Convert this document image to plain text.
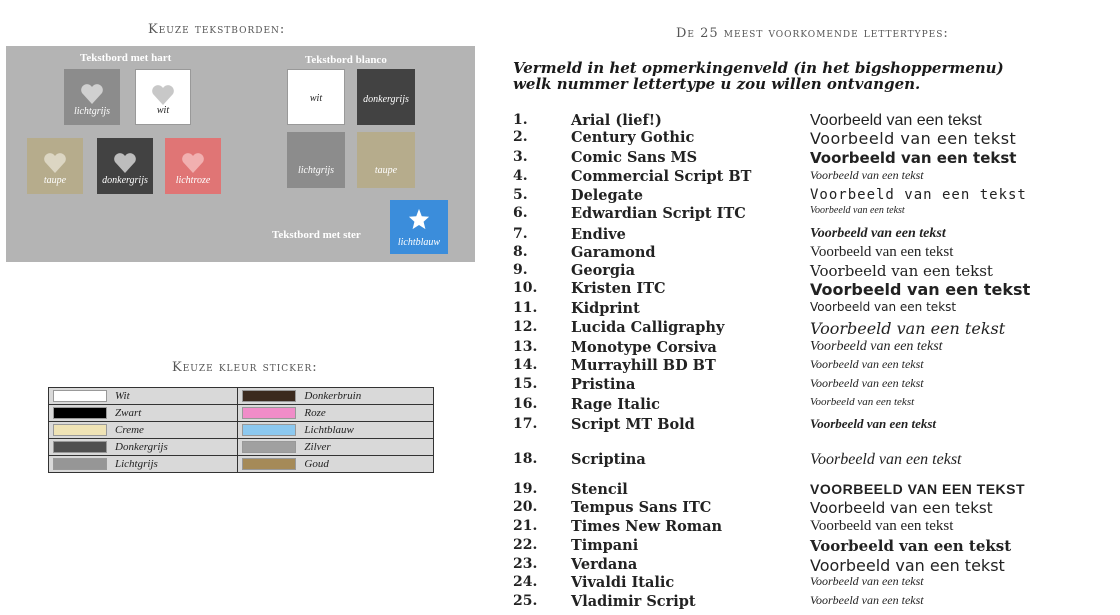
Keuze tekstborden:
Tekstbord met hart	Tekstbord blanco
Tekstbord met ster
lichtgrijs	wit
taupe	donkergrijs	lichtroze
wit	donkergrijs
lichtgrijs	taupe
lichtblauw
Keuze kleur sticker:
Wit	Donkerbruin
Zwart	Roze
Creme	Lichtblauw
Donkergrijs	Zilver
Lichtgrijs	Goud
De 25 meest voorkomende lettertypes:
Vermeld in het opmerkingenveld (in het bigshoppermenu)
welk nummer lettertype u zou willen ontvangen.
1.	Arial (lief!)	Voorbeeld van een tekst
2.	Century Gothic	Voorbeeld van een tekst
3.	Comic Sans MS	Voorbeeld van een tekst
4.	Commercial Script BT	Voorbeeld van een tekst
5.	Delegate	Voorbeeld van een tekst
6.	Edwardian Script ITC	Voorbeeld van een tekst
7.	Endive	Voorbeeld van een tekst
8.	Garamond	Voorbeeld van een tekst
9.	Georgia	Voorbeeld van een tekst
10. Kristen ITC	Voorbeeld van een tekst
11. Kidprint	Voorbeeld van een tekst
12. Lucida Calligraphy	Voorbeeld van een tekst
13. Monotype Corsiva	Voorbeeld van een tekst
14. Murrayhill BD BT	Voorbeeld van een tekst
15. Pristina	Voorbeeld van een tekst
16. Rage Italic	Voorbeeld van een tekst
17. Script MT Bold	Voorbeeld van een tekst
18. Scriptina	Voorbeeld van een tekst
19. Stencil	VOORBEELD VAN EEN TEKST
20. Tempus Sans ITC	Voorbeeld van een tekst
21. Times New Roman	Voorbeeld van een tekst
22. Timpani	Voorbeeld van een tekst
23. Verdana	Voorbeeld van een tekst
24. Vivaldi Italic	Voorbeeld van een tekst
25. Vladimir Script	Voorbeeld van een tekst
